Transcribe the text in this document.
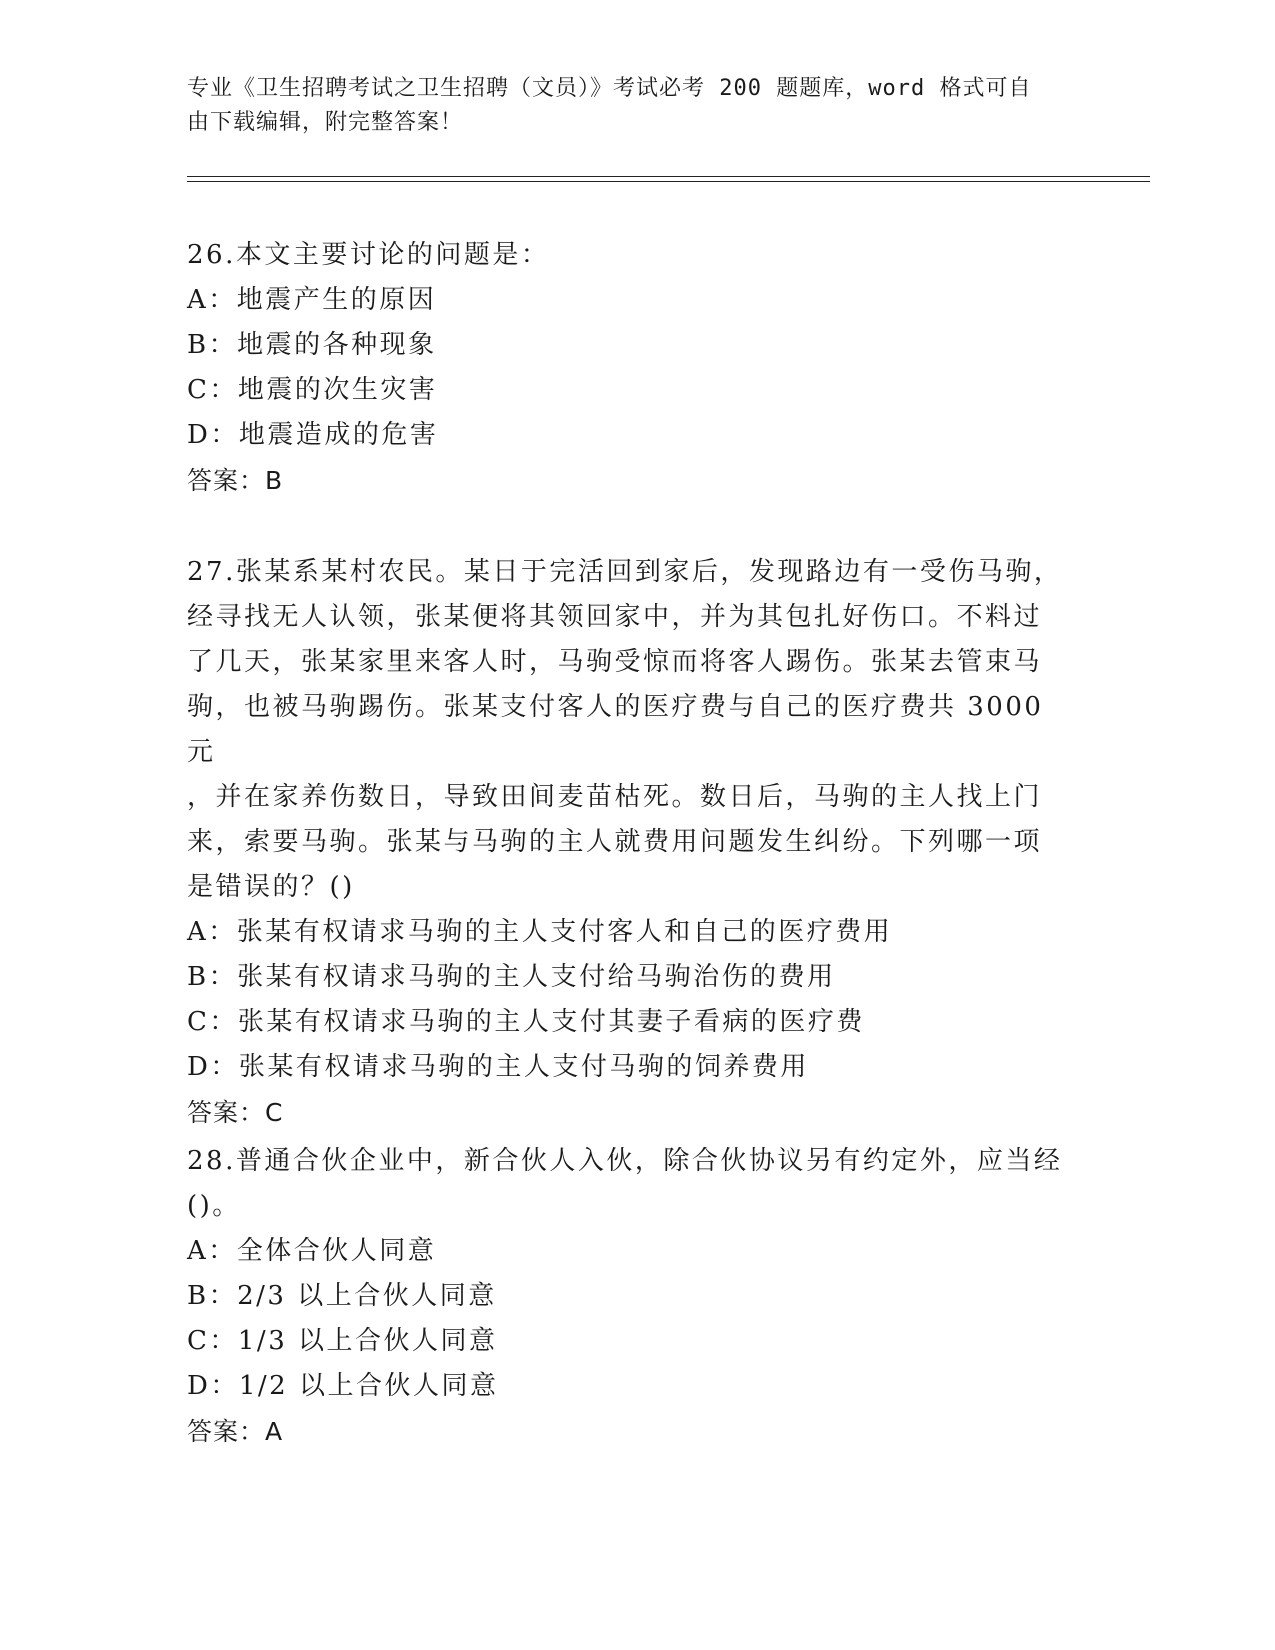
专业《卫生招聘考试之卫生招聘（文员）》考试必考 200 题题库，word 格式可自
由下载编辑，附完整答案！

26.本文主要讨论的问题是：

A：地震产生的原因

B：地震的各种现象

C：地震的次生灾害

D：地震造成的危害

答案：B

27.张某系某村农民。某日于完活回到家后，发现路边有一受伤马驹，

经寻找无人认领，张某便将其领回家中，并为其包扎好伤口。不料过

了几天，张某家里来客人时，马驹受惊而将客人踢伤。张某去管束马

驹，也被马驹踢伤。张某支付客人的医疗费与自己的医疗费共 3000 元

，并在家养伤数日，导致田间麦苗枯死。数日后，马驹的主人找上门

来，索要马驹。张某与马驹的主人就费用问题发生纠纷。下列哪一项

是错误的？()

A：张某有权请求马驹的主人支付客人和自己的医疗费用

B：张某有权请求马驹的主人支付给马驹治伤的费用

C：张某有权请求马驹的主人支付其妻子看病的医疗费

D：张某有权请求马驹的主人支付马驹的饲养费用

答案：C

28.普通合伙企业中，新合伙人入伙，除合伙协议另有约定外，应当经

()。

A：全体合伙人同意

B：2/3 以上合伙人同意

C：1/3 以上合伙人同意

D：1/2 以上合伙人同意

答案：A
